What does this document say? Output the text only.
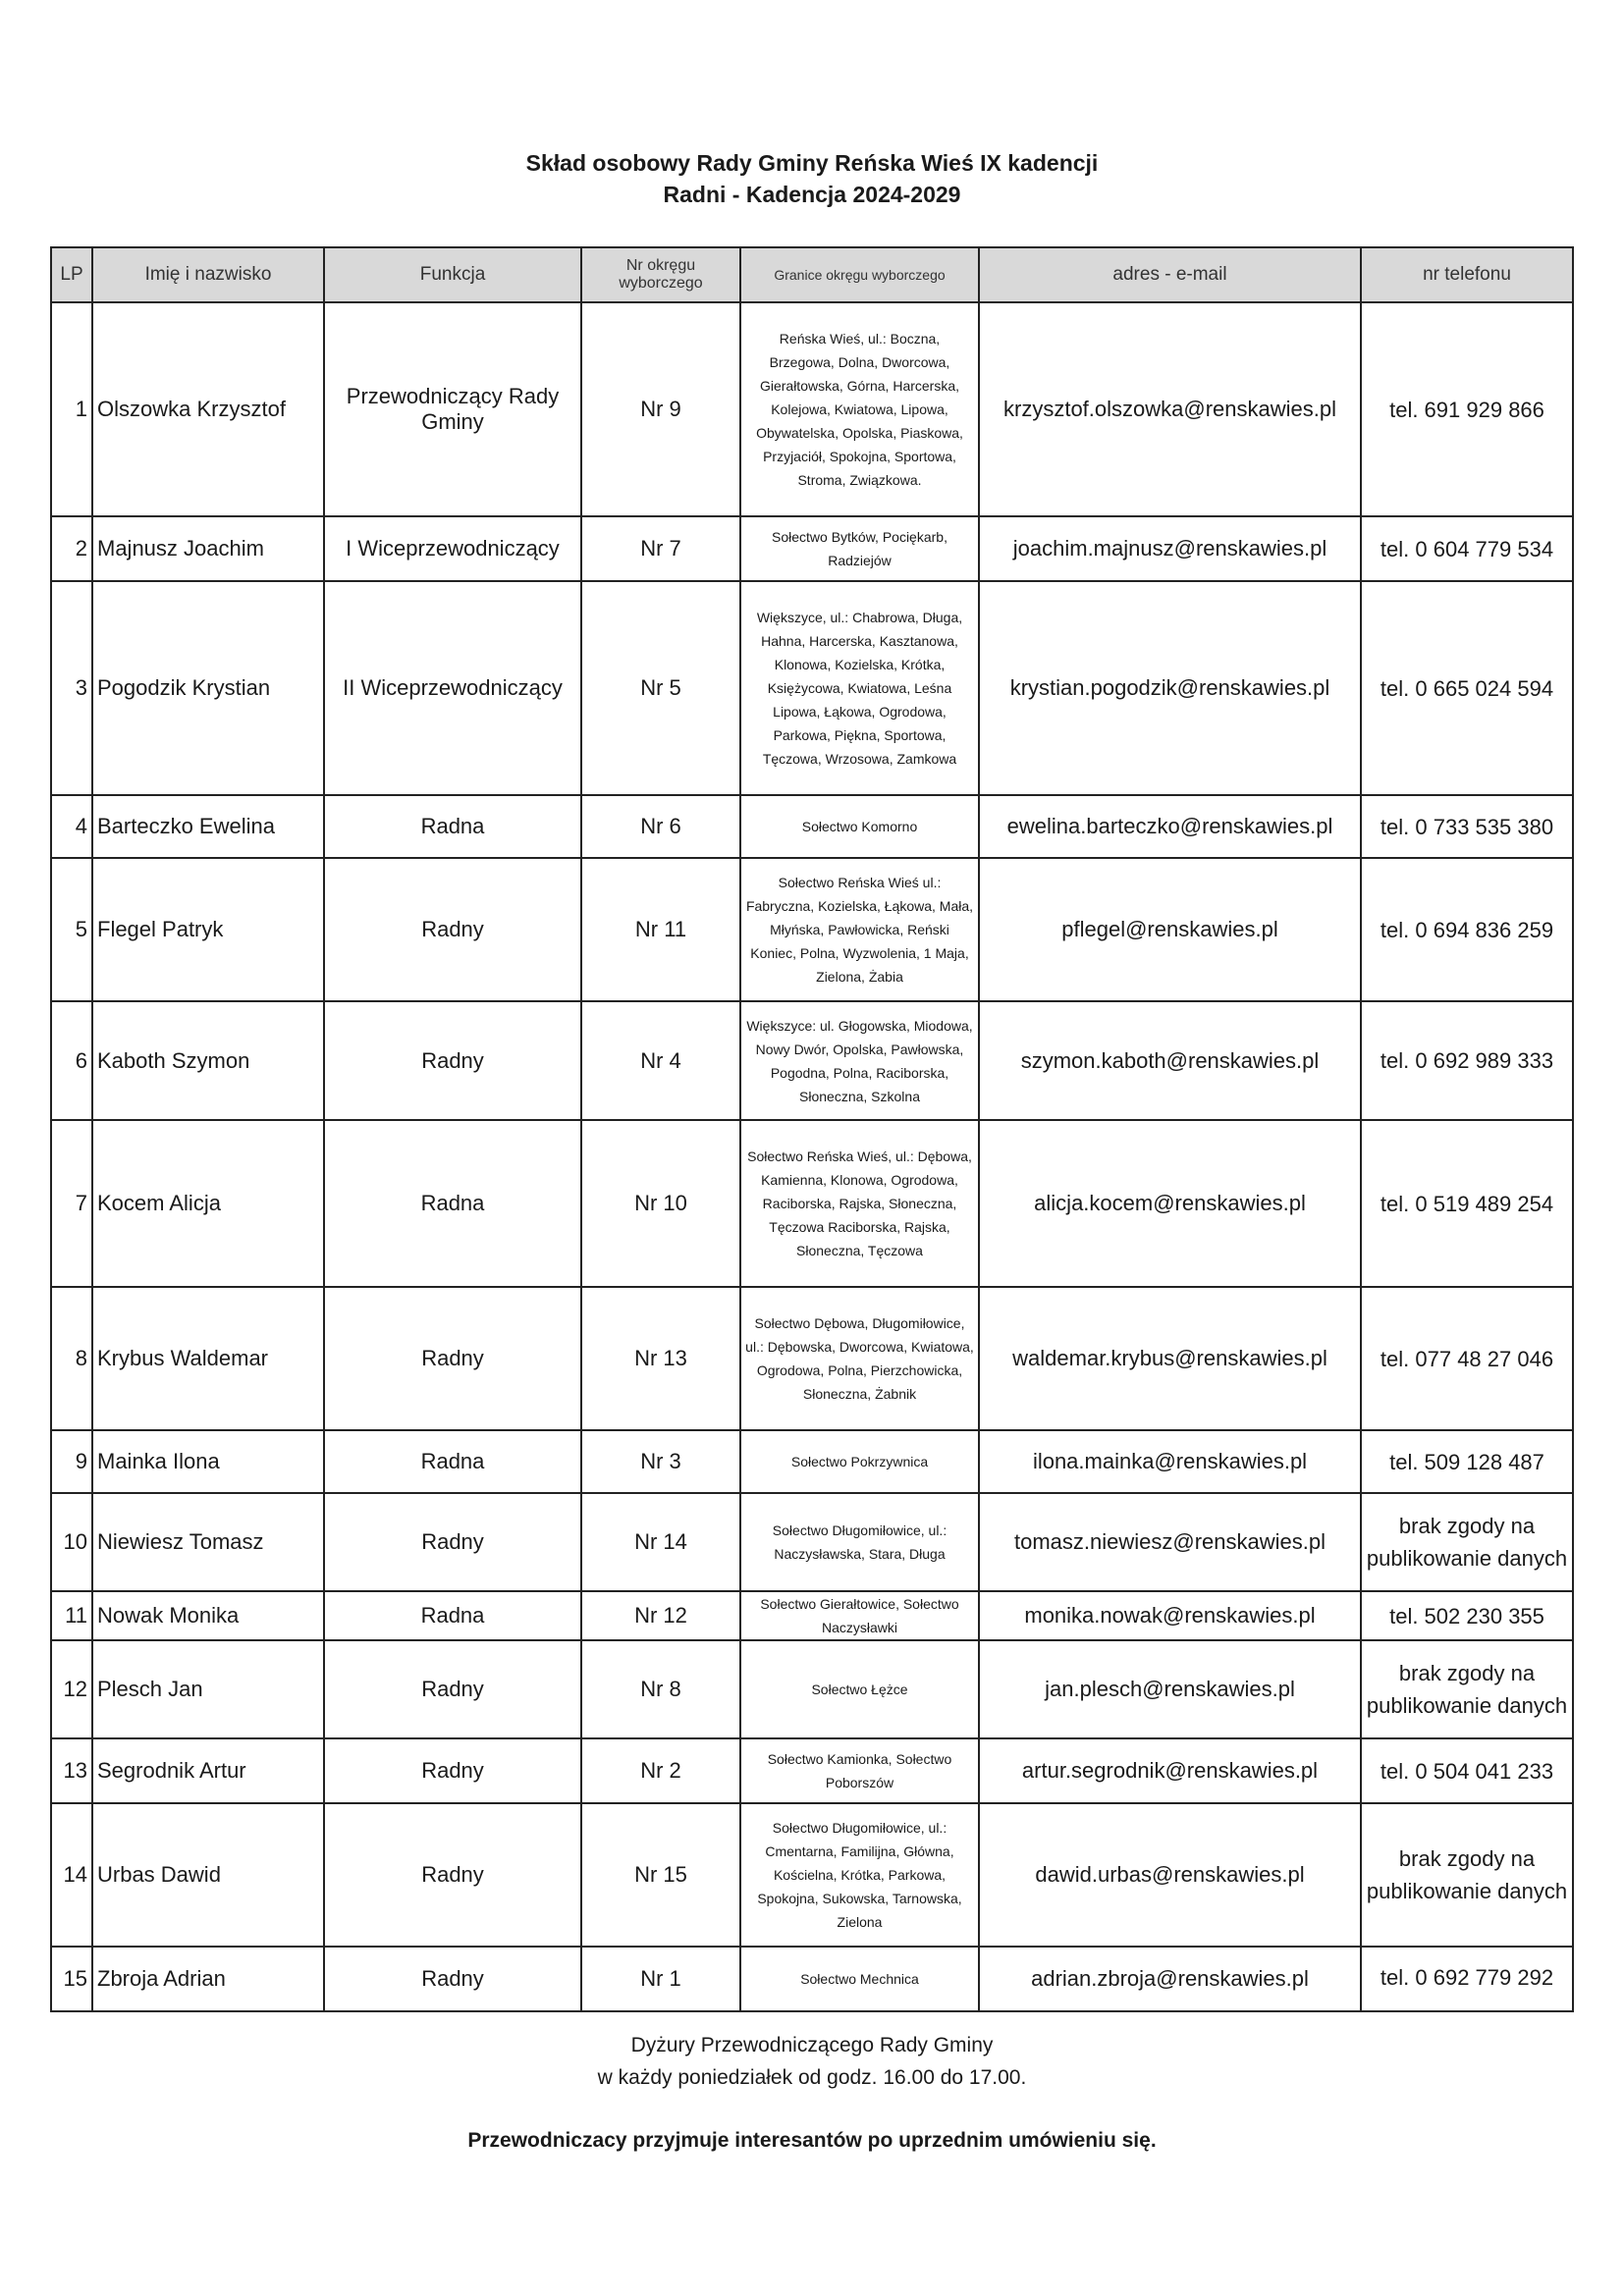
Skład osobowy Rady Gminy Reńska Wieś IX kadencji
Radni - Kadencja 2024-2029
LP	Imię i nazwisko	Funkcja	Nr okręgu wyborczego	Granice okręgu wyborczego	adres - e-mail	nr telefonu
1	Olszowka Krzysztof	Przewodniczący Rady Gminy	Nr 9	Reńska Wieś, ul.: Boczna, Brzegowa, Dolna, Dworcowa, Gierałtowska, Górna, Harcerska, Kolejowa, Kwiatowa, Lipowa, Obywatelska, Opolska, Piaskowa, Przyjaciół, Spokojna, Sportowa, Stroma, Związkowa.	krzysztof.olszowka@renskawies.pl	tel. 691 929 866
2	Majnusz Joachim	I Wiceprzewodniczący	Nr 7	Sołectwo Bytków, Pociękarb, Radziejów	joachim.majnusz@renskawies.pl	tel. 0 604 779 534
3	Pogodzik Krystian	II Wiceprzewodniczący	Nr 5	Większyce, ul.: Chabrowa, Długa, Hahna, Harcerska, Kasztanowa, Klonowa, Kozielska, Krótka, Księżycowa, Kwiatowa, Leśna Lipowa, Łąkowa, Ogrodowa, Parkowa, Piękna, Sportowa, Tęczowa, Wrzosowa, Zamkowa	krystian.pogodzik@renskawies.pl	tel. 0 665 024 594
4	Barteczko Ewelina	Radna	Nr 6	Sołectwo Komorno	ewelina.barteczko@renskawies.pl	tel. 0 733 535 380
5	Flegel Patryk	Radny	Nr 11	Sołectwo Reńska Wieś ul.: Fabryczna, Kozielska, Łąkowa, Mała, Młyńska, Pawłowicka, Reński Koniec, Polna, Wyzwolenia, 1 Maja, Zielona, Żabia	pflegel@renskawies.pl	tel. 0 694 836 259
6	Kaboth Szymon	Radny	Nr 4	Większyce: ul. Głogowska, Miodowa, Nowy Dwór, Opolska, Pawłowska, Pogodna, Polna, Raciborska, Słoneczna, Szkolna	szymon.kaboth@renskawies.pl	tel. 0 692 989 333
7	Kocem Alicja	Radna	Nr 10	Sołectwo Reńska Wieś, ul.: Dębowa, Kamienna, Klonowa, Ogrodowa, Raciborska, Rajska, Słoneczna, Tęczowa Raciborska, Rajska, Słoneczna, Tęczowa	alicja.kocem@renskawies.pl	tel. 0 519 489 254
8	Krybus Waldemar	Radny	Nr 13	Sołectwo Dębowa, Długomiłowice, ul.: Dębowska, Dworcowa, Kwiatowa, Ogrodowa, Polna, Pierzchowicka, Słoneczna, Żabnik	waldemar.krybus@renskawies.pl	tel. 077 48 27 046
9	Mainka Ilona	Radna	Nr 3	Sołectwo Pokrzywnica	ilona.mainka@renskawies.pl	tel. 509 128 487
10	Niewiesz Tomasz	Radny	Nr 14	Sołectwo Długomiłowice, ul.: Naczysławska, Stara, Długa	tomasz.niewiesz@renskawies.pl	brak zgody na publikowanie danych
11	Nowak Monika	Radna	Nr 12	Sołectwo Gierałtowice, Sołectwo Naczysławki	monika.nowak@renskawies.pl	tel. 502 230 355
12	Plesch Jan	Radny	Nr 8	Sołectwo Łężce	jan.plesch@renskawies.pl	brak zgody na publikowanie danych
13	Segrodnik Artur	Radny	Nr 2	Sołectwo Kamionka, Sołectwo Poborszów	artur.segrodnik@renskawies.pl	tel. 0 504 041 233
14	Urbas Dawid	Radny	Nr 15	Sołectwo Długomiłowice, ul.: Cmentarna, Familijna, Główna, Kościelna, Krótka, Parkowa, Spokojna, Sukowska, Tarnowska, Zielona	dawid.urbas@renskawies.pl	brak zgody na publikowanie danych
15	Zbroja Adrian	Radny	Nr 1	Sołectwo Mechnica	adrian.zbroja@renskawies.pl	tel. 0 692 779 292
Dyżury Przewodniczącego Rady Gminy
w każdy poniedziałek od godz. 16.00 do 17.00.
Przewodniczacy przyjmuje interesantów po uprzednim umówieniu się.
